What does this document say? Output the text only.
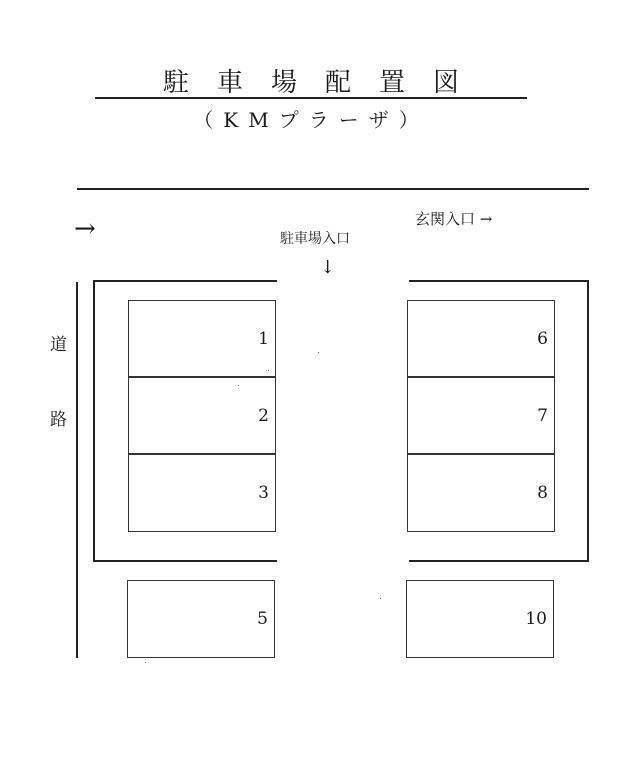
駐車場配置図
（KMプラーザ）
→	玄関入口 →
駐車場入口
↓
道
路
1
2
3
6
7
8
5	10
